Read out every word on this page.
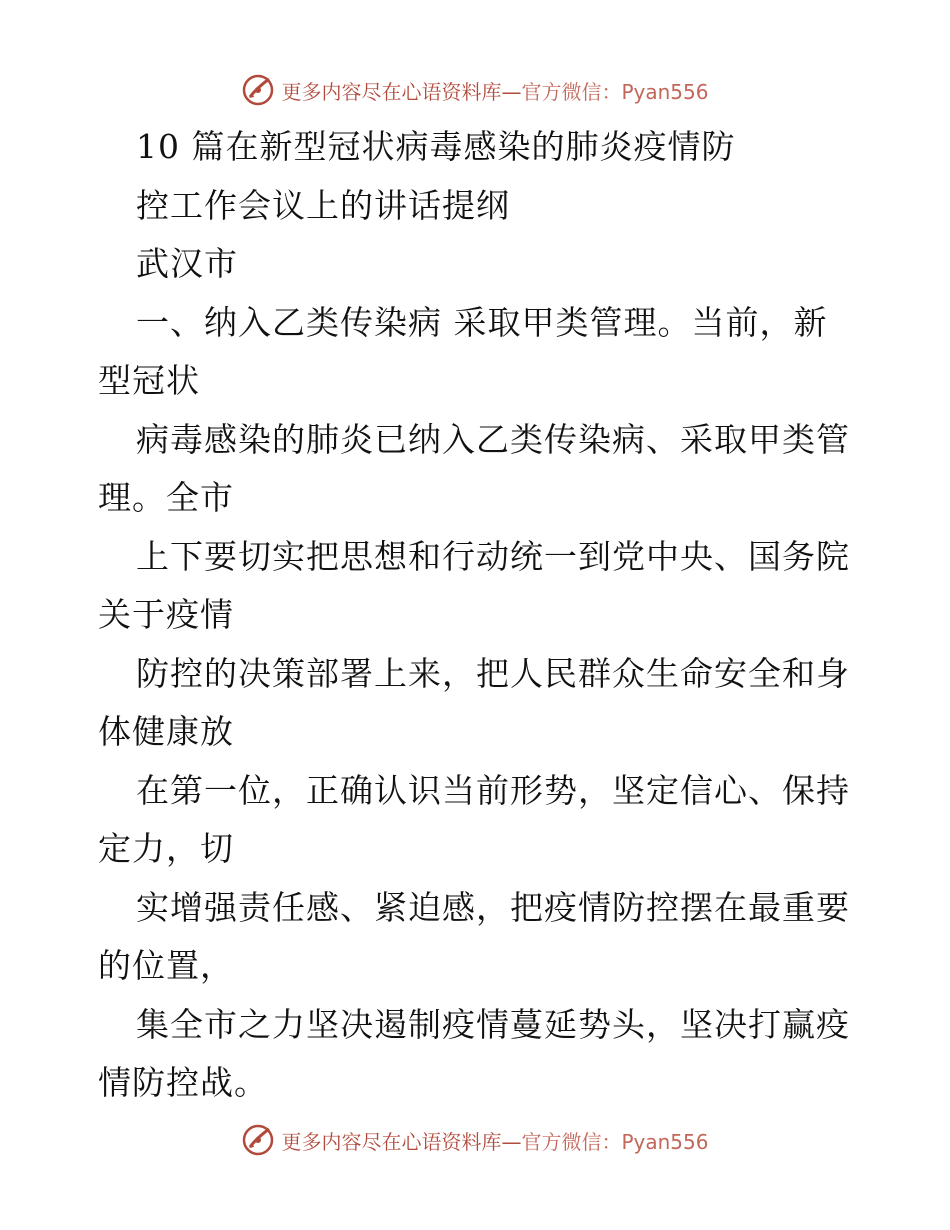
更多内容尽在心语资料库—官方微信：Pyan556
10 篇在新型冠状病毒感染的肺炎疫情防
控工作会议上的讲话提纲
武汉市
一、纳入乙类传染病 采取甲类管理。当前，新
型冠状
病毒感染的肺炎已纳入乙类传染病、采取甲类管
理。全市
上下要切实把思想和行动统一到党中央、国务院
关于疫情
防控的决策部署上来，把人民群众生命安全和身
体健康放
在第一位，正确认识当前形势，坚定信心、保持
定力，切
实增强责任感、紧迫感，把疫情防控摆在最重要
的位置，
集全市之力坚决遏制疫情蔓延势头，坚决打赢疫
情防控战。
更多内容尽在心语资料库—官方微信：Pyan556
